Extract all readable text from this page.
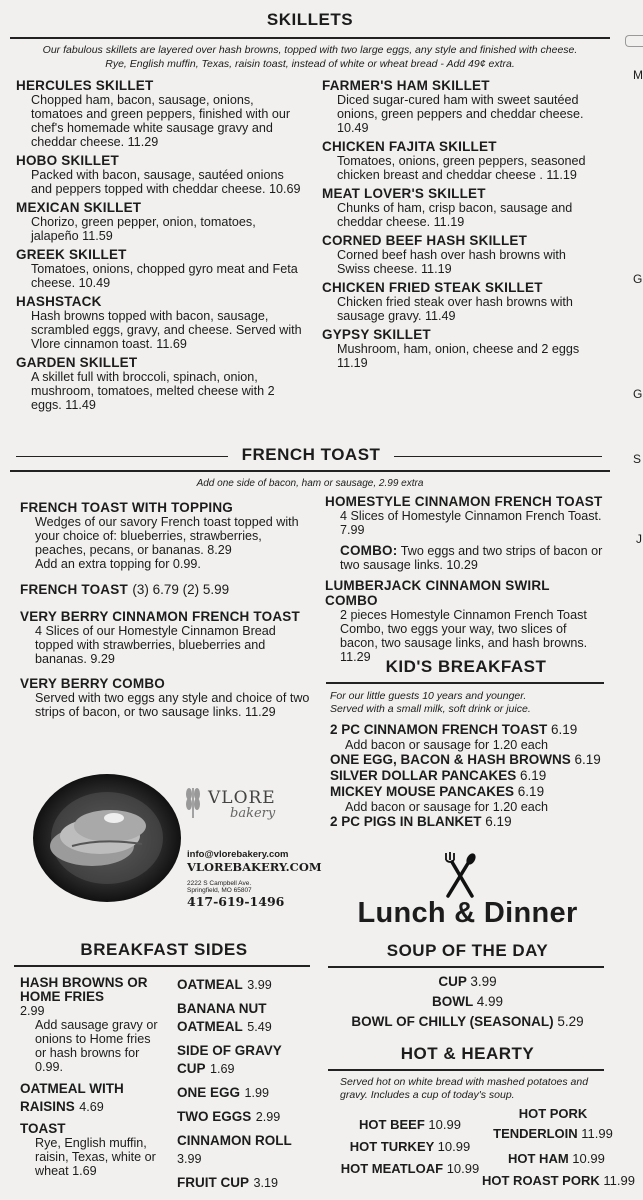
SKILLETS
Our fabulous skillets are layered over hash browns, topped with two large eggs, any style and finished with cheese.
Rye, English muffin, Texas, raisin toast, instead of white or wheat bread - Add 49¢ extra.
HERCULES SKILLET
Chopped ham, bacon, sausage, onions, tomatoes and green peppers, finished with our chef's homemade white sausage gravy and cheddar cheese. 11.29
HOBO SKILLET
Packed with bacon, sausage, sautéed onions and peppers topped with cheddar cheese. 10.69
MEXICAN SKILLET
Chorizo, green pepper, onion, tomatoes, jalapeño 11.59
GREEK SKILLET
Tomatoes, onions, chopped gyro meat and Feta cheese. 10.49
HASHSTACK
Hash browns topped with bacon, sausage, scrambled eggs, gravy, and cheese. Served with Vlore cinnamon toast. 11.69
GARDEN SKILLET
A skillet full with broccoli, spinach, onion, mushroom, tomatoes, melted cheese with 2 eggs. 11.49
FARMER'S HAM SKILLET
Diced sugar-cured ham with sweet sautéed onions, green peppers and cheddar cheese. 10.49
CHICKEN FAJITA SKILLET
Tomatoes, onions, green peppers, seasoned chicken breast and cheddar cheese . 11.19
MEAT LOVER'S SKILLET
Chunks of ham, crisp bacon, sausage and cheddar cheese. 11.19
CORNED BEEF HASH SKILLET
Corned beef hash over hash browns with Swiss cheese. 11.19
CHICKEN FRIED STEAK SKILLET
Chicken fried steak over hash browns with sausage gravy. 11.49
GYPSY SKILLET
Mushroom, ham, onion, cheese and 2 eggs 11.19
FRENCH TOAST
Add one side of bacon, ham or sausage, 2.99 extra
FRENCH TOAST WITH TOPPING
Wedges of our savory French toast topped with your choice of: blueberries, strawberries, peaches, pecans, or bananas. 8.29
Add an extra topping for 0.99.
FRENCH TOAST (3) 6.79 (2) 5.99
VERY BERRY CINNAMON FRENCH TOAST
4 Slices of our Homestyle Cinnamon Bread topped with strawberries, blueberries and bananas. 9.29
VERY BERRY COMBO
Served with two eggs any style and choice of two strips of bacon, or two sausage links. 11.29
HOMESTYLE CINNAMON FRENCH TOAST
4 Slices of Homestyle Cinnamon French Toast. 7.99
COMBO: Two eggs and two strips of bacon or two sausage links. 10.29
LUMBERJACK CINNAMON SWIRL COMBO
2 pieces Homestyle Cinnamon French Toast Combo, two eggs your way, two slices of bacon, two sausage links, and hash browns. 11.29 KID'S BREAKFAST
For our little guests 10 years and younger.
Served with a small milk, soft drink or juice.
2 PC CINNAMON FRENCH TOAST 6.19
Add bacon or sausage for 1.20 each
ONE EGG, BACON & HASH BROWNS 6.19
SILVER DOLLAR PANCAKES 6.19
MICKEY MOUSE PANCAKES 6.19
Add bacon or sausage for 1.20 each
2 PC PIGS IN BLANKET 6.19
VLORE
bakery
info@vlorebakery.com
VLOREBAKERY.COM
2222 S Campbell Ave.
Springfield, MO 65807
417-619-1496	Lunch & Dinner
SOUP OF THE DAY
CUP 3.99
BOWL 4.99
BOWL OF CHILLY (SEASONAL) 5.29
HOT & HEARTY
Served hot on white bread with mashed potatoes and
gravy. Includes a cup of today's soup.
HOT BEEF 10.99
HOT TURKEY 10.99
HOT MEATLOAF 10.99
HOT PORK TENDERLOIN 11.99
HOT HAM 10.99
HOT ROAST PORK 11.99
BREAKFAST SIDES
HASH BROWNS OR HOME FRIES
2.99
Add sausage gravy or onions to Home fries or hash browns for 0.99.
OATMEAL WITH RAISINS 4.69
TOAST
Rye, English muffin, raisin, Texas, white or wheat 1.69
OATMEAL 3.99
BANANA NUT OATMEAL 5.49
SIDE OF GRAVY CUP 1.69
ONE EGG 1.99
TWO EGGS 2.99
CINNAMON ROLL 3.99
FRUIT CUP 3.19
M
G
G
S
J
